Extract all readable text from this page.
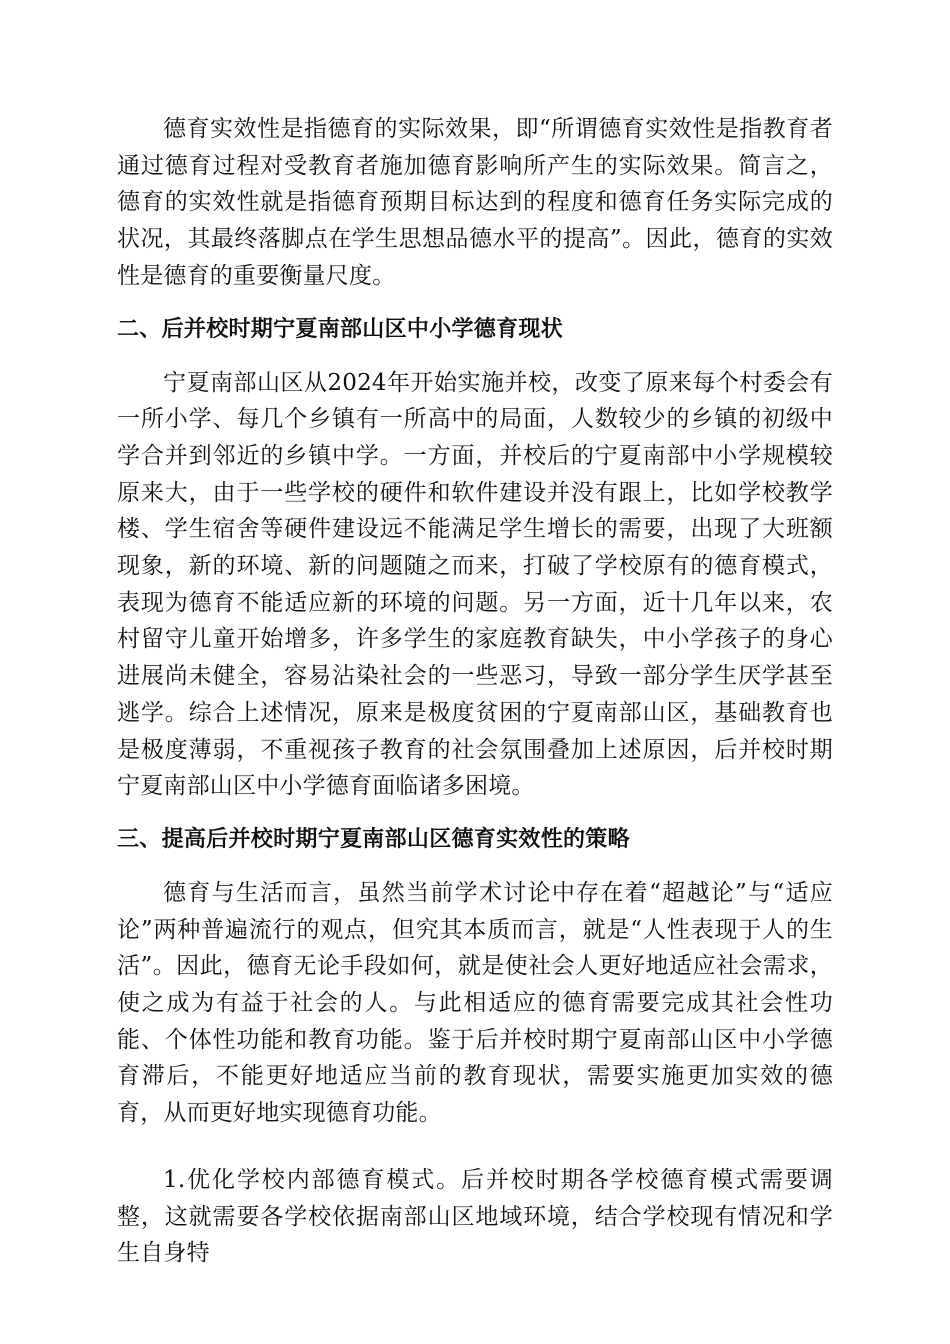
德育实效性是指德育的实际效果，即“所谓德育实效性是指教育者通过德育过程对受教育者施加德育影响所产生的实际效果。简言之，德育的实效性就是指德育预期目标达到的程度和德育任务实际完成的状况，其最终落脚点在学生思想品德水平的提高”。因此，德育的实效性是德育的重要衡量尺度。

二、后并校时期宁夏南部山区中小学德育现状

宁夏南部山区从2024年开始实施并校，改变了原来每个村委会有一所小学、每几个乡镇有一所高中的局面，人数较少的乡镇的初级中学合并到邻近的乡镇中学。一方面，并校后的宁夏南部中小学规模较原来大，由于一些学校的硬件和软件建设并没有跟上，比如学校教学楼、学生宿舍等硬件建设远不能满足学生增长的需要，出现了大班额现象，新的环境、新的问题随之而来，打破了学校原有的德育模式，表现为德育不能适应新的环境的问题。另一方面，近十几年以来，农村留守儿童开始增多，许多学生的家庭教育缺失，中小学孩子的身心进展尚未健全，容易沾染社会的一些恶习，导致一部分学生厌学甚至逃学。综合上述情况，原来是极度贫困的宁夏南部山区，基础教育也是极度薄弱，不重视孩子教育的社会氛围叠加上述原因，后并校时期宁夏南部山区中小学德育面临诸多困境。

三、提高后并校时期宁夏南部山区德育实效性的策略

德育与生活而言，虽然当前学术讨论中存在着“超越论”与“适应论”两种普遍流行的观点，但究其本质而言，就是“人性表现于人的生活”。因此，德育无论手段如何，就是使社会人更好地适应社会需求，使之成为有益于社会的人。与此相适应的德育需要完成其社会性功能、个体性功能和教育功能。鉴于后并校时期宁夏南部山区中小学德育滞后，不能更好地适应当前的教育现状，需要实施更加实效的德育，从而更好地实现德育功能。

1.优化学校内部德育模式。后并校时期各学校德育模式需要调整，这就需要各学校依据南部山区地域环境，结合学校现有情况和学生自身特
